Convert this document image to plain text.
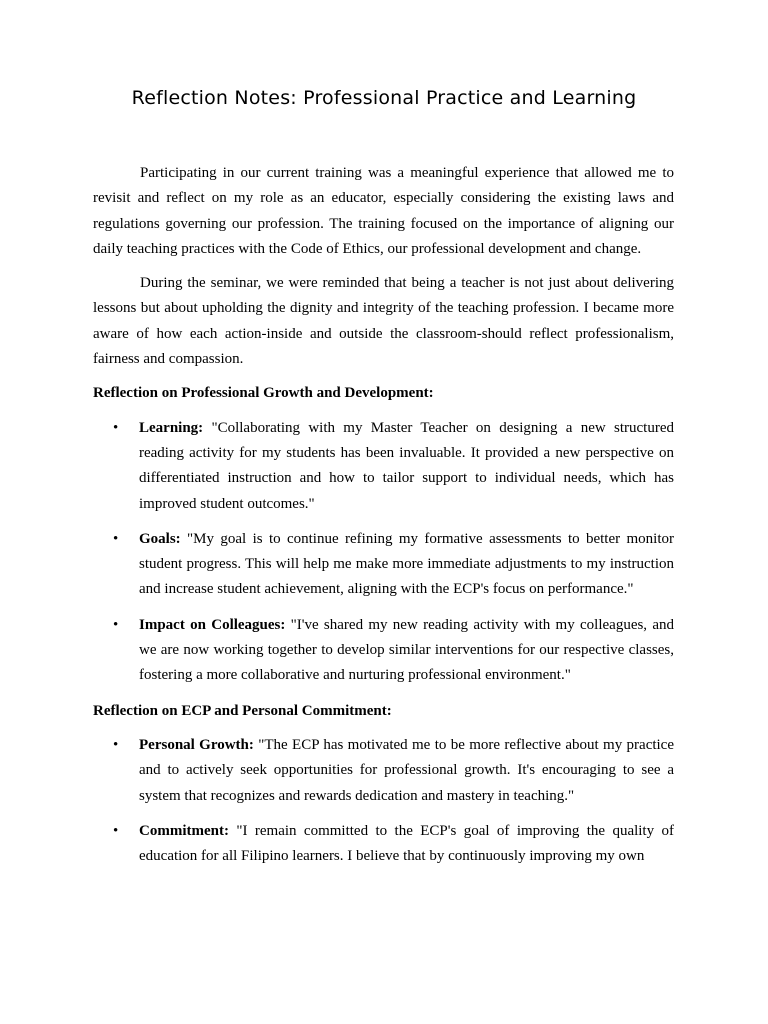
Reflection Notes: Professional Practice and Learning

Participating in our current training was a meaningful experience that allowed me to revisit and reflect on my role as an educator, especially considering the existing laws and regulations governing our profession. The training focused on the importance of aligning our daily teaching practices with the Code of Ethics, our professional development and change.

During the seminar, we were reminded that being a teacher is not just about delivering lessons but about upholding the dignity and integrity of the teaching profession. I became more aware of how each action-inside and outside the classroom-should reflect professionalism, fairness and compassion.

Reflection on Professional Growth and Development:
• Learning: "Collaborating with my Master Teacher on designing a new structured reading activity for my students has been invaluable. It provided a new perspective on differentiated instruction and how to tailor support to individual needs, which has improved student outcomes."
• Goals: "My goal is to continue refining my formative assessments to better monitor student progress. This will help me make more immediate adjustments to my instruction and increase student achievement, aligning with the ECP's focus on performance."
• Impact on Colleagues: "I've shared my new reading activity with my colleagues, and we are now working together to develop similar interventions for our respective classes, fostering a more collaborative and nurturing professional environment."
Reflection on ECP and Personal Commitment:
• Personal Growth: "The ECP has motivated me to be more reflective about my practice and to actively seek opportunities for professional growth. It's encouraging to see a system that recognizes and rewards dedication and mastery in teaching."
• Commitment: "I remain committed to the ECP's goal of improving the quality of education for all Filipino learners. I believe that by continuously improving my own
